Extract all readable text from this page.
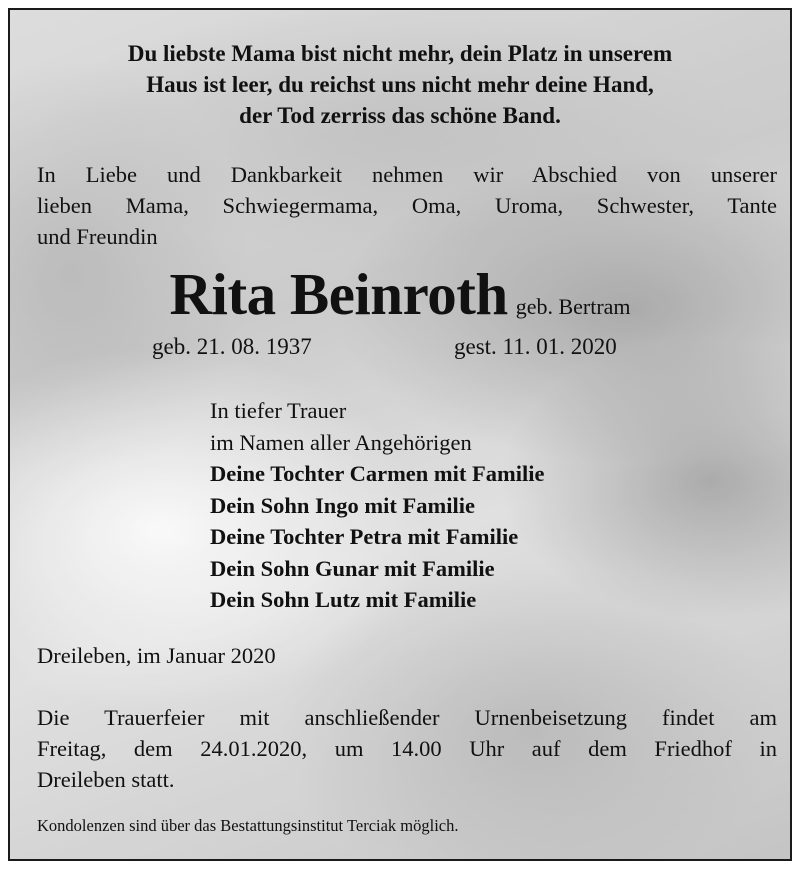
Du liebste Mama bist nicht mehr, dein Platz in unserem
Haus ist leer, du reichst uns nicht mehr deine Hand,
der Tod zerriss das schöne Band.
In Liebe und Dankbarkeit nehmen wir Abschied von unserer
lieben Mama, Schwiegermama, Oma, Uroma, Schwester, Tante
und Freundin
Rita Beinroth geb. Bertram
geb. 21. 08. 1937	gest. 11. 01. 2020
In tiefer Trauer
im Namen aller Angehörigen
Deine Tochter Carmen mit Familie
Dein Sohn Ingo mit Familie
Deine Tochter Petra mit Familie
Dein Sohn Gunar mit Familie
Dein Sohn Lutz mit Familie
Dreileben, im Januar 2020
Die Trauerfeier mit anschließender Urnenbeisetzung findet am
Freitag, dem 24.01.2020, um 14.00 Uhr auf dem Friedhof in
Dreileben statt.
Kondolenzen sind über das Bestattungsinstitut Terciak möglich.
